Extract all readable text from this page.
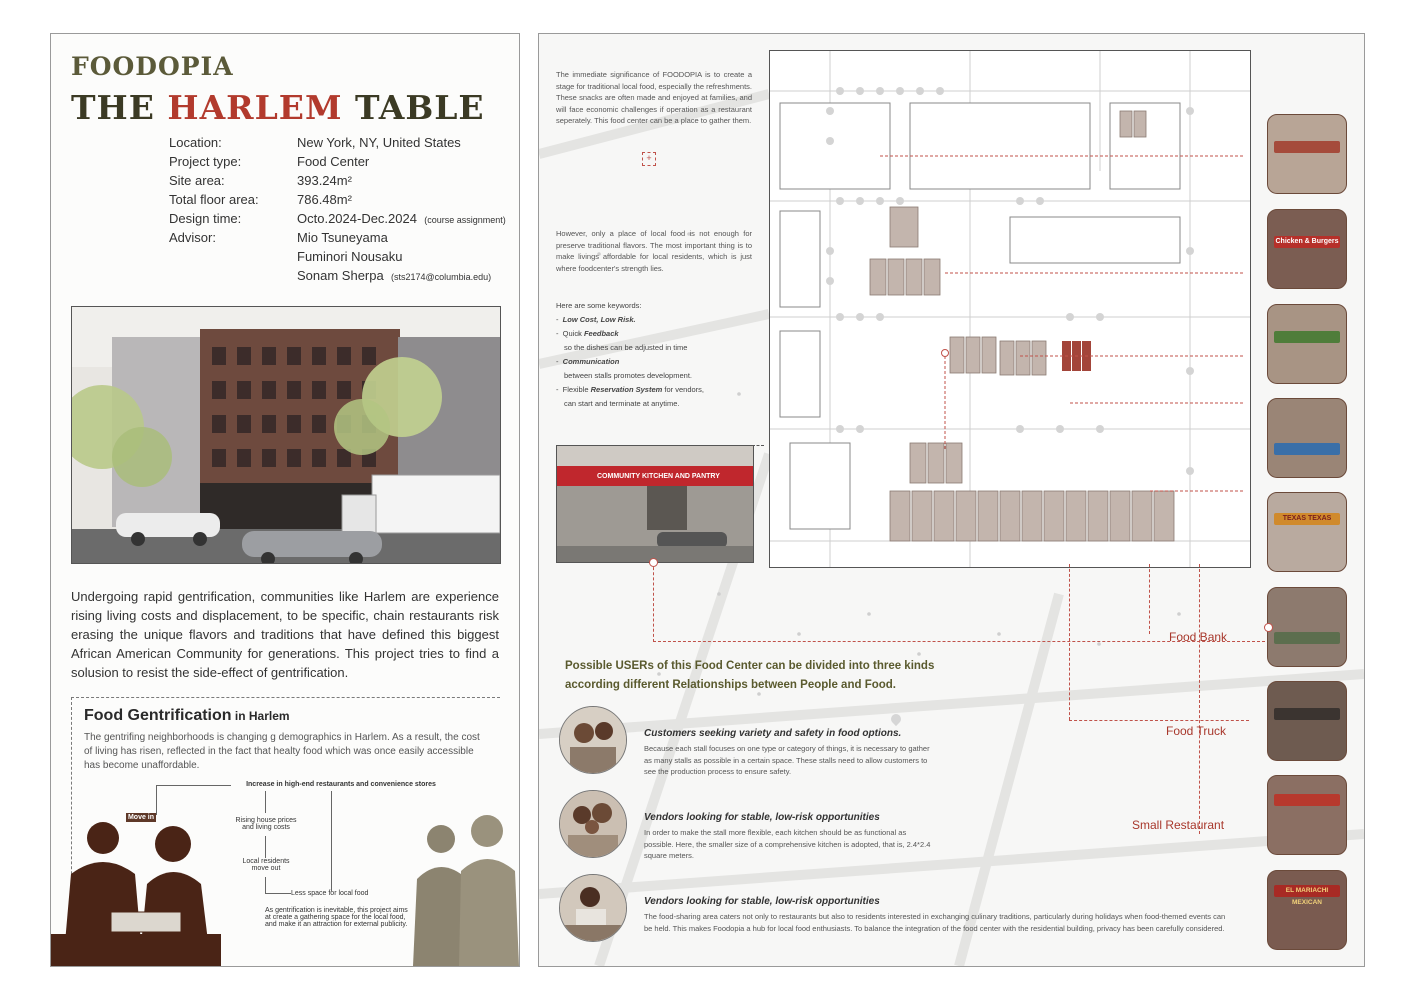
FOODOPIA
THE HARLEM TABLE
Location:	New York, NY, United States
Project type:	Food Center
Site area:	393.24m²
Total floor area:	786.48m²
Design time:	Octo.2024-Dec.2024 (course assignment)
Advisor:	Mio Tsuneyama
Fuminori Nousaku
Sonam Sherpa (sts2174@columbia.edu)
Undergoing rapid gentrification, communities like Harlem are experience rising living costs and displacement, to be specific, chain restaurants risk erasing the unique flavors and traditions that have defined this biggest African American Community for generations. This project tries to find a solusion to resist the side-effect of gentrification.
Food Gentrification in Harlem
The gentrifing neighborhoods is changing g demographics in Harlem. As a result, the cost of living has risen, reflected in the fact that healty food which was once easily accessible has become unaffordable.
Increase in high-end restaurants and convenience stores
Move in	Rising house prices and living costs
Local residents move out
Less space for local food
As gentrification is inevitable, this project aims at create a gathering space for the local food, and make it an attraction for external publicity.
The immediate significance of FOODOPIA is to create a stage for traditional local food, especially the refreshments. These snacks are often made and enjoyed at families, and will face economic challenges if operation as a restaurant seperately. This food center can be a place to gather them.
+
However, only a place of local food is not enough for preserve traditional flavors. The most important thing is to make livings affordable for local residents, which is just where foodcenter's strength lies.
Here are some keywords:
- Low Cost, Low Risk.
- Quick Feedback
so the dishes can be adjusted in time
- Communication
between stalls promotes development.
- Flexible Reservation System for vendors,
can start and terminate at anytime.
COMMUNITY KITCHEN AND PANTRY
Food Bank
Food Truck
Small Restaurant
Chicken & Burgers
TEXAS TEXAS
EL MARIACHI MEXICAN
Possible USERs of this Food Center can be divided into three kinds according different Relationships between People and Food.
Customers seeking variety and safety in food options.
Because each stall focuses on one type or category of things, it is necessary to gather as many stalls as possible in a certain space. These stalls need to allow customers to see the production process to ensure safety.
Vendors looking for stable, low-risk opportunities
In order to make the stall more flexible, each kitchen should be as functional as possible. Here, the smaller size of a comprehensive kitchen is adopted, that is, 2.4*2.4 square meters.
Vendors looking for stable, low-risk opportunities
The food-sharing area caters not only to restaurants but also to residents interested in exchanging culinary traditions, particularly during holidays when food-themed events can be held. This makes Foodopia a hub for local food enthusiasts. To balance the integration of the food center with the residential building, privacy has been carefully considered.
